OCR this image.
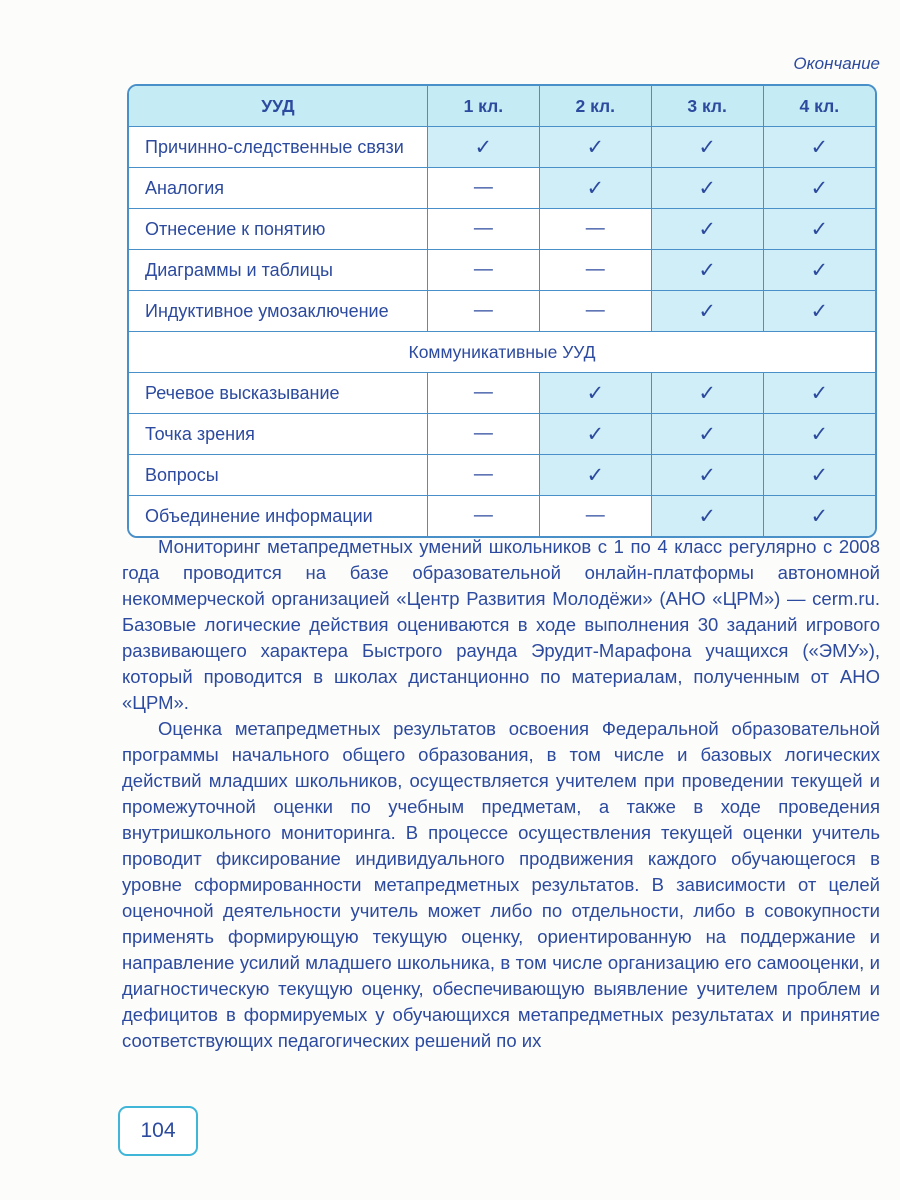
Окончание
УУД	1 кл.	2 кл.	3 кл.	4 кл.
Причинно-следственные связи	✓	✓	✓	✓
Аналогия	—	✓	✓	✓
Отнесение к понятию	—	—	✓	✓
Диаграммы и таблицы	—	—	✓	✓
Индуктивное умозаключение	—	—	✓	✓
Коммуникативные УУД				
Речевое высказывание	—	✓	✓	✓
Точка зрения	—	✓	✓	✓
Вопросы	—	✓	✓	✓
Объединение информации	—	—	✓	✓

Мониторинг метапредметных умений школьников с 1 по 4 класс регулярно с 2008 года проводится на базе образовательной онлайн-платформы автономной некоммерческой организацией «Центр Развития Молодёжи» (АНО «ЦРМ») — cerm.ru. Базовые логические действия оцениваются в ходе выполнения 30 заданий игрового развивающего характера Быстрого раунда Эрудит-Марафона учащихся («ЭМУ»), который проводится в школах дистанционно по материалам, полученным от АНО «ЦРМ».

Оценка метапредметных результатов освоения Федеральной образовательной программы начального общего образования, в том числе и базовых логических действий младших школьников, осуществляется учителем при проведении текущей и промежуточной оценки по учебным предметам, а также в ходе проведения внутришкольного мониторинга. В процессе осуществления текущей оценки учитель проводит фиксирование индивидуального продвижения каждого обучающегося в уровне сформированности метапредметных результатов. В зависимости от целей оценочной деятельности учитель может либо по отдельности, либо в совокупности применять формирующую текущую оценку, ориентированную на поддержание и направление усилий младшего школьника, в том числе организацию его самооценки, и диагностическую текущую оценку, обеспечивающую выявление учителем проблем и дефицитов в формируемых у обучающихся метапредметных результатах и принятие соответствующих педагогических решений по их

104
